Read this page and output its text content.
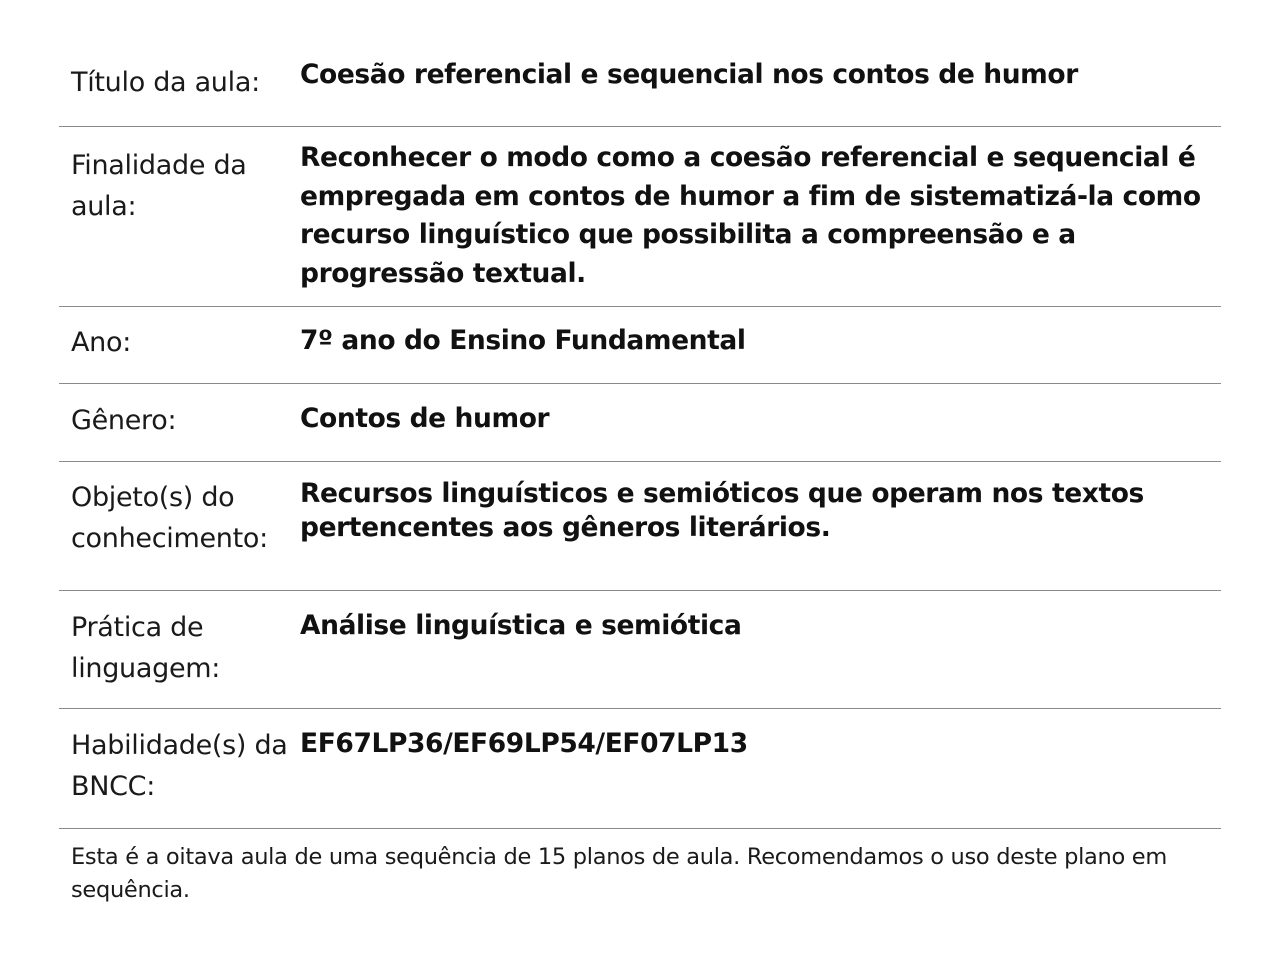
Título da aula:	Coesão referencial e sequencial nos contos de humor
Finalidade da aula:
Reconhecer o modo como a coesão referencial e sequencial é empregada em contos de humor a fim de sistematizá-la como recurso linguístico que possibilita a compreensão e a progressão textual.
Ano:	7º ano do Ensino Fundamental
Gênero:	Contos de humor
Objeto(s) do conhecimento:
Recursos linguísticos e semióticos que operam nos textos pertencentes aos gêneros literários.
Prática de linguagem:
Análise linguística e semiótica
Habilidade(s) da BNCC:
EF67LP36/EF69LP54/EF07LP13
Esta é a oitava aula de uma sequência de 15 planos de aula. Recomendamos o uso deste plano em sequência.
